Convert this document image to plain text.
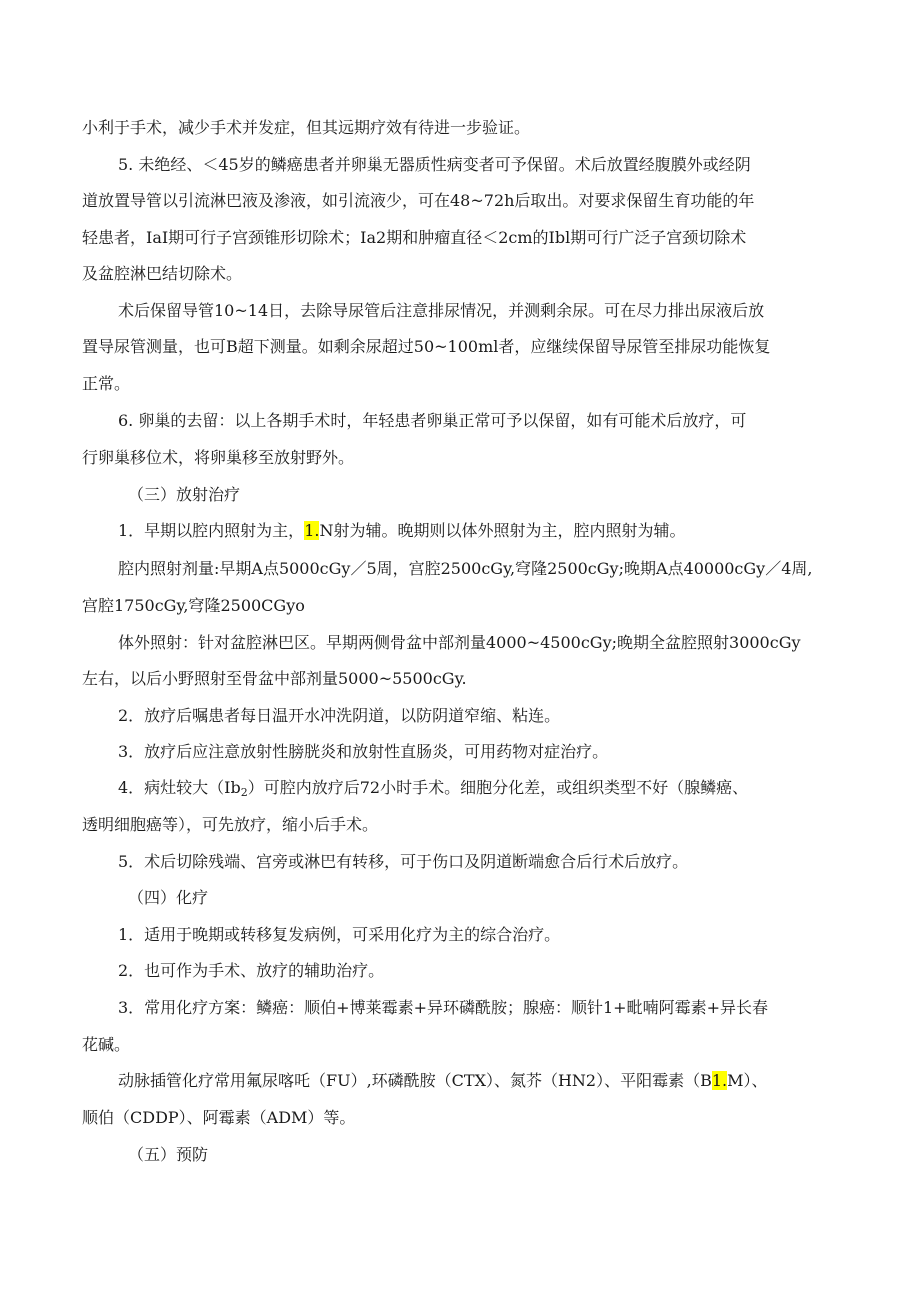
小利于手术，减少手术并发症，但其远期疗效有待进一步验证。
5. 未绝经、＜45岁的鳞癌患者并卵巢无器质性病变者可予保留。术后放置经腹膜外或经阴
道放置导管以引流淋巴液及渗液，如引流液少，可在48~72h后取出。对要求保留生育功能的年
轻患者，IaI期可行子宫颈锥形切除术；Ia2期和肿瘤直径＜2cm的Ibl期可行广泛子宫颈切除术
及盆腔淋巴结切除术。
术后保留导管10~14日，去除导尿管后注意排尿情况，并测剩余尿。可在尽力排出尿液后放
置导尿管测量，也可B超下测量。如剩余尿超过50~100ml者，应继续保留导尿管至排尿功能恢复
正常。
6. 卵巢的去留：以上各期手术时，年轻患者卵巢正常可予以保留，如有可能术后放疗，可
行卵巢移位术，将卵巢移至放射野外。
（三）放射治疗
1．早期以腔内照射为主，1.N射为辅。晚期则以体外照射为主，腔内照射为辅。
腔内照射剂量:早期A点5000cGy／5周，宫腔2500cGy,穹隆2500cGy;晚期A点40000cGy／4周,
宫腔1750cGy,穹隆2500CGyo
体外照射：针对盆腔淋巴区。早期两侧骨盆中部剂量4000~4500cGy;晚期全盆腔照射3000cGy
左右，以后小野照射至骨盆中部剂量5000~5500cGy.
2．放疗后嘱患者每日温开水冲洗阴道，以防阴道窄缩、粘连。
3．放疗后应注意放射性膀胱炎和放射性直肠炎，可用药物对症治疗。
4．病灶较大$(Ib_2)$可腔内放疗后72小时手术。细胞分化差，或组织类型不好（腺鳞癌、
透明细胞癌等），可先放疗，缩小后手术。
5．术后切除残端、宫旁或淋巴有转移，可于伤口及阴道断端愈合后行术后放疗。
（四）化疗
1．适用于晚期或转移复发病例，可采用化疗为主的综合治疗。
2．也可作为手术、放疗的辅助治疗。
3．常用化疗方案：鳞癌：顺伯+博莱霉素+异环磷酰胺；腺癌：顺针1+毗喃阿霉素+异长春
花碱。
动脉插管化疗常用氟尿喀吒（FU）,环磷酰胺（CTX）、氮芥（HN2）、平阳霉素（B1.M）、
顺伯（CDDP）、阿霉素（ADM）等。
（五）预防
